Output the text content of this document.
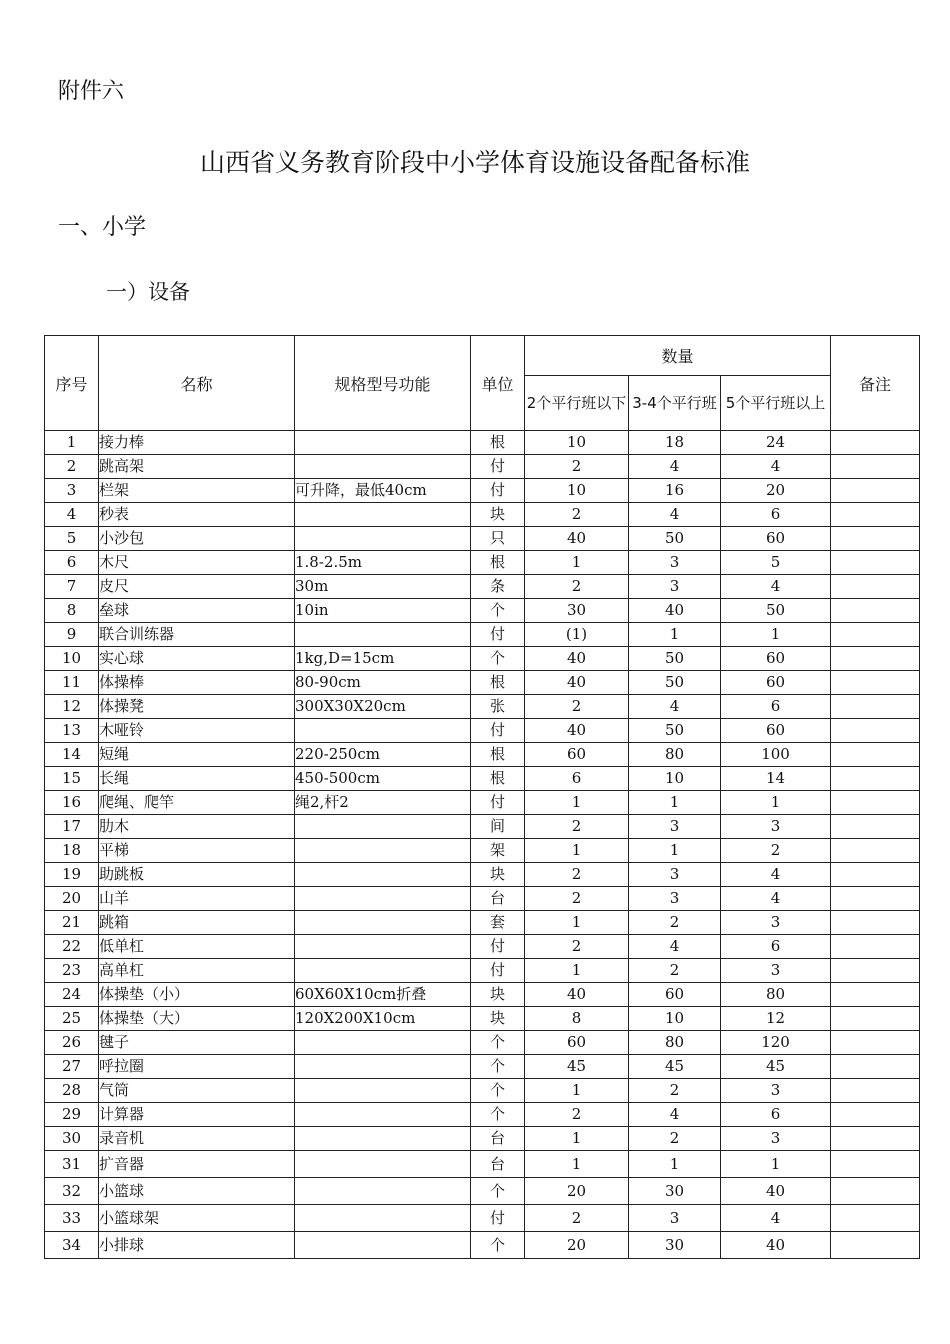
附件六
山西省义务教育阶段中小学体育设施设备配备标准
一、小学
一）设备
序号	名称	规格型号功能	单位	数量			备注
				2个平行班以下	3-4个平行班	5个平行班以上	
1	接力棒		根	10	18	24	
2	跳高架		付	2	4	4	
3	栏架	可升降，最低40cm	付	10	16	20	
4	秒表		块	2	4	6	
5	小沙包		只	40	50	60	
6	木尺	1.8-2.5m	根	1	3	5	
7	皮尺	30m	条	2	3	4	
8	垒球	10in	个	30	40	50	
9	联合训练器		付	(1)	1	1	
10	实心球	1kg,D=15cm	个	40	50	60	
11	体操棒	80-90cm	根	40	50	60	
12	体操凳	300X30X20cm	张	2	4	6	
13	木哑铃		付	40	50	60	
14	短绳	220-250cm	根	60	80	100	
15	长绳	450-500cm	根	6	10	14	
16	爬绳、爬竿	绳2,杆2	付	1	1	1	
17	肋木		间	2	3	3	
18	平梯		架	1	1	2	
19	助跳板		块	2	3	4	
20	山羊		台	2	3	4	
21	跳箱		套	1	2	3	
22	低单杠		付	2	4	6	
23	高单杠		付	1	2	3	
24	体操垫（小）	60X60X10cm折叠	块	40	60	80	
25	体操垫（大）	120X200X10cm	块	8	10	12	
26	毽子		个	60	80	120	
27	呼拉圈		个	45	45	45	
28	气筒		个	1	2	3	
29	计算器		个	2	4	6	
30	录音机		台	1	2	3	
31	扩音器		台	1	1	1	
32	小篮球		个	20	30	40	
33	小篮球架		付	2	3	4	
34	小排球		个	20	30	40	
